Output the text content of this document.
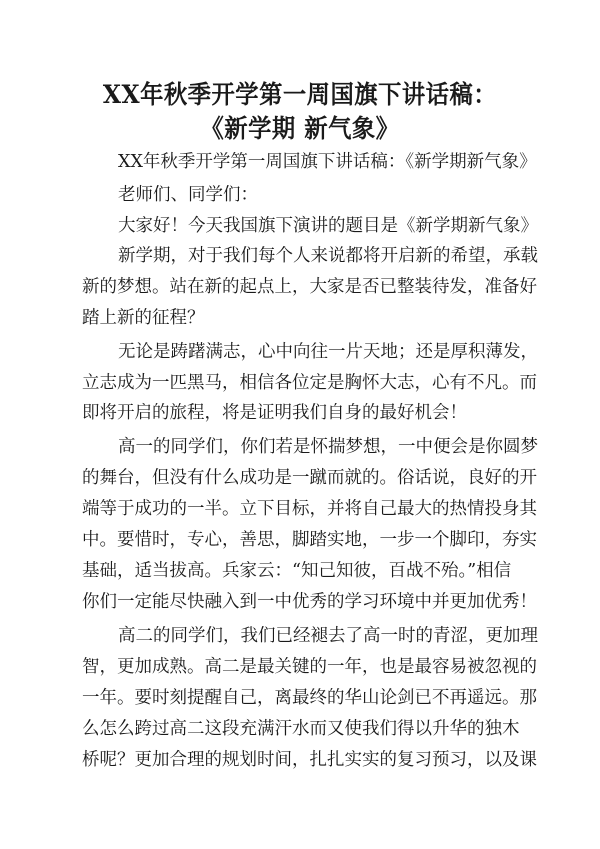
XX年秋季开学第一周国旗下讲话稿：
《新学期 新气象》
XX年秋季开学第一周国旗下讲话稿：《新学期新气象》
老师们、同学们：
大家好！今天我国旗下演讲的题目是《新学期新气象》
新学期，对于我们每个人来说都将开启新的希望，承载
新的梦想。站在新的起点上，大家是否已整装待发，准备好
踏上新的征程？
无论是踌躇满志，心中向往一片天地；还是厚积薄发，
立志成为一匹黑马，相信各位定是胸怀大志，心有不凡。而
即将开启的旅程，将是证明我们自身的最好机会！
高一的同学们，你们若是怀揣梦想，一中便会是你圆梦
的舞台，但没有什么成功是一蹴而就的。俗话说，良好的开
端等于成功的一半。立下目标，并将自己最大的热情投身其
中。要惜时，专心，善思，脚踏实地，一步一个脚印，夯实
基础，适当拔高。兵家云：“知己知彼，百战不殆。”相信
你们一定能尽快融入到一中优秀的学习环境中并更加优秀！
高二的同学们，我们已经褪去了高一时的青涩，更加理
智，更加成熟。高二是最关键的一年，也是最容易被忽视的
一年。要时刻提醒自己，离最终的华山论剑已不再遥远。那
么怎么跨过高二这段充满汗水而又使我们得以升华的独木
桥呢？更加合理的规划时间，扎扎实实的复习预习，以及课
